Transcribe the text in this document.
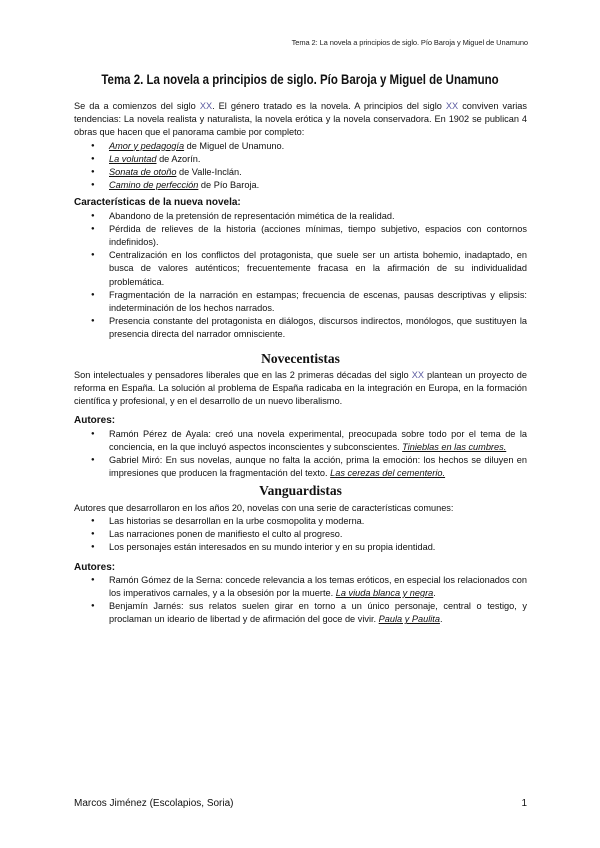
Tema 2: La novela a principios de siglo. Pío Baroja y Miguel de Unamuno
Tema 2. La novela a principios de siglo. Pío Baroja y Miguel de Unamuno

Se da a comienzos del siglo XX. El género tratado es la novela. A principios del siglo XX conviven varias tendencias: La novela realista y naturalista, la novela erótica y la novela conservadora. En 1902 se publican 4 obras que hacen que el panorama cambie por completo:

● Amor y pedagogía de Miguel de Unamuno.
● La voluntad de Azorín.
● Sonata de otoño de Valle-Inclán.
● Camino de perfección de Pío Baroja.
Características de la nueva novela:
● Abandono de la pretensión de representación mimética de la realidad.
● Pérdida de relieves de la historia (acciones mínimas, tiempo subjetivo, espacios con contornos indefinidos).
● Centralización en los conflictos del protagonista, que suele ser un artista bohemio, inadaptado, en busca de valores auténticos; frecuentemente fracasa en la afirmación de su individualidad problemática.
● Fragmentación de la narración en estampas; frecuencia de escenas, pausas descriptivas y elipsis: indeterminación de los hechos narrados.
● Presencia constante del protagonista en diálogos, discursos indirectos, monólogos, que sustituyen la presencia directa del narrador omnisciente.
Novecentistas

Son intelectuales y pensadores liberales que en las 2 primeras décadas del siglo XX plantean un proyecto de reforma en España. La solución al problema de España radicaba en la integración en Europa, en la formación científica y profesional, y en el desarrollo de un nuevo liberalismo.

Autores:
● Ramón Pérez de Ayala: creó una novela experimental, preocupada sobre todo por el tema de la conciencia, en la que incluyó aspectos inconscientes y subconscientes. Tinieblas en las cumbres.
● Gabriel Miró: En sus novelas, aunque no falta la acción, prima la emoción: los hechos se diluyen en impresiones que producen la fragmentación del texto. Las cerezas del cementerio.
Vanguardistas

Autores que desarrollaron en los años 20, novelas con una serie de características comunes:

● Las historias se desarrollan en la urbe cosmopolita y moderna.
● Las narraciones ponen de manifiesto el culto al progreso.
● Los personajes están interesados en su mundo interior y en su propia identidad.
Autores:
● Ramón Gómez de la Serna: concede relevancia a los temas eróticos, en especial los relacionados con los imperativos carnales, y a la obsesión por la muerte. La viuda blanca y negra.
● Benjamín Jarnés: sus relatos suelen girar en torno a un único personaje, central o testigo, y proclaman un ideario de libertad y de afirmación del goce de vivir. Paula y Paulita.
Marcos Jiménez (Escolapios, Soria)	1
